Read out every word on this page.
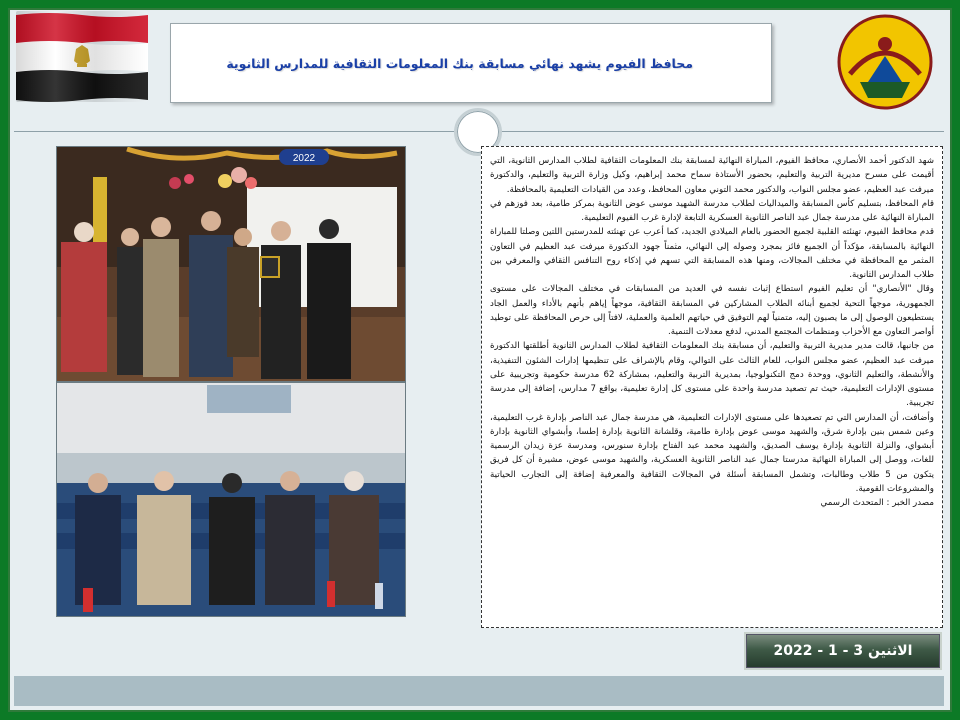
محافظ الفيوم يشهد نهائي مسابقة بنك المعلومات الثقافية للمدارس الثانوية
2022	شهد الدكتور أحمد الأنصاري، محافظ الفيوم، المباراة النهائية لمسابقة بنك المعلومات الثقافية لطلاب المدارس الثانوية، التي أقيمت على مسرح مديرية التربية والتعليم، بحضور الأستاذة سماح محمد إبراهيم، وكيل وزارة التربية والتعليم، والدكتورة ميرفت عبد العظيم، عضو مجلس النواب، والدكتور محمد التوني معاون المحافظ، وعدد من القيادات التعليمية بالمحافظة.

قام المحافظ، بتسليم كأس المسابقة والميداليات لطلاب مدرسة الشهيد موسى عوض الثانوية بمركز طامية، بعد فوزهم في المباراة النهائية على مدرسة جمال عبد الناصر الثانوية العسكرية التابعة لإدارة غرب الفيوم التعليمية.

قدم محافظ الفيوم، تهنئته القلبية لجميع الحضور بالعام الميلادي الجديد، كما أعرب عن تهنئته للمدرستين اللتين وصلتا للمباراة النهائية بالمسابقة، مؤكداً أن الجميع فائز بمجرد وصوله إلى النهائي، مثمناً جهود الدكتورة ميرفت عبد العظيم في التعاون المثمر مع المحافظة في مختلف المجالات، ومنها هذه المسابقة التي تسهم في إذكاء روح التنافس الثقافي والمعرفي بين طلاب المدارس الثانوية.

وقال "الأنصاري" أن تعليم الفيوم استطاع إثبات نفسه في العديد من المسابقات في مختلف المجالات على مستوى الجمهورية، موجهاً التحية لجميع أبنائه الطلاب المشاركين في المسابقة الثقافية، موجهاً إياهم بأنهم بالأداء والعمل الجاد يستطيعون الوصول إلى ما يصبون إليه، متمنياً لهم التوفيق في حياتهم العلمية والعملية، لافتاً إلى حرص المحافظة على توطيد أواصر التعاون مع الأحزاب ومنظمات المجتمع المدني، لدفع معدلات التنمية.

من جانبها، قالت مدير مديرية التربية والتعليم، أن مسابقة بنك المعلومات الثقافية لطلاب المدارس الثانوية أطلقتها الدكتورة ميرفت عبد العظيم، عضو مجلس النواب، للعام الثالث على التوالي، وقام بالإشراف على تنظيمها إدارات الشئون التنفيذية، والأنشطة، والتعليم الثانوي، ووحدة دمج التكنولوجيا، بمديرية التربية والتعليم، بمشاركة 62 مدرسة حكومية وتجريبية على مستوى الإدارات التعليمية، حيث تم تصعيد مدرسة واحدة على مستوى كل إدارة تعليمية، بواقع 7 مدارس، إضافة إلى مدرسة تجريبية.

وأضافت، أن المدارس التي تم تصعيدها على مستوى الإدارات التعليمية، هي مدرسة جمال عبد الناصر بإدارة غرب التعليمية، وعين شمس بنين بإدارة شرق، والشهيد موسى عوض بإدارة طامية، وقلشانة الثانوية بإدارة إطسا، وأبشواي الثانوية بإدارة أبشواي، والنزلة الثانوية بإدارة يوسف الصديق، والشهيد محمد عبد الفتاح بإدارة سنورس، ومدرسة عزة زيدان الرسمية للغات، ووصل إلى المباراة النهائية مدرستا جمال عبد الناصر الثانوية العسكرية، والشهيد موسى عوض، مشيرة أن كل فريق يتكون من 5 طلاب وطالبات، وتشمل المسابقة أسئلة في المجالات الثقافية والمعرفية إضافة إلى التجارب الحياتية والمشروعات القومية.

مصدر الخبر : المتحدث الرسمي

الاثنين 3 - 1 - 2022
